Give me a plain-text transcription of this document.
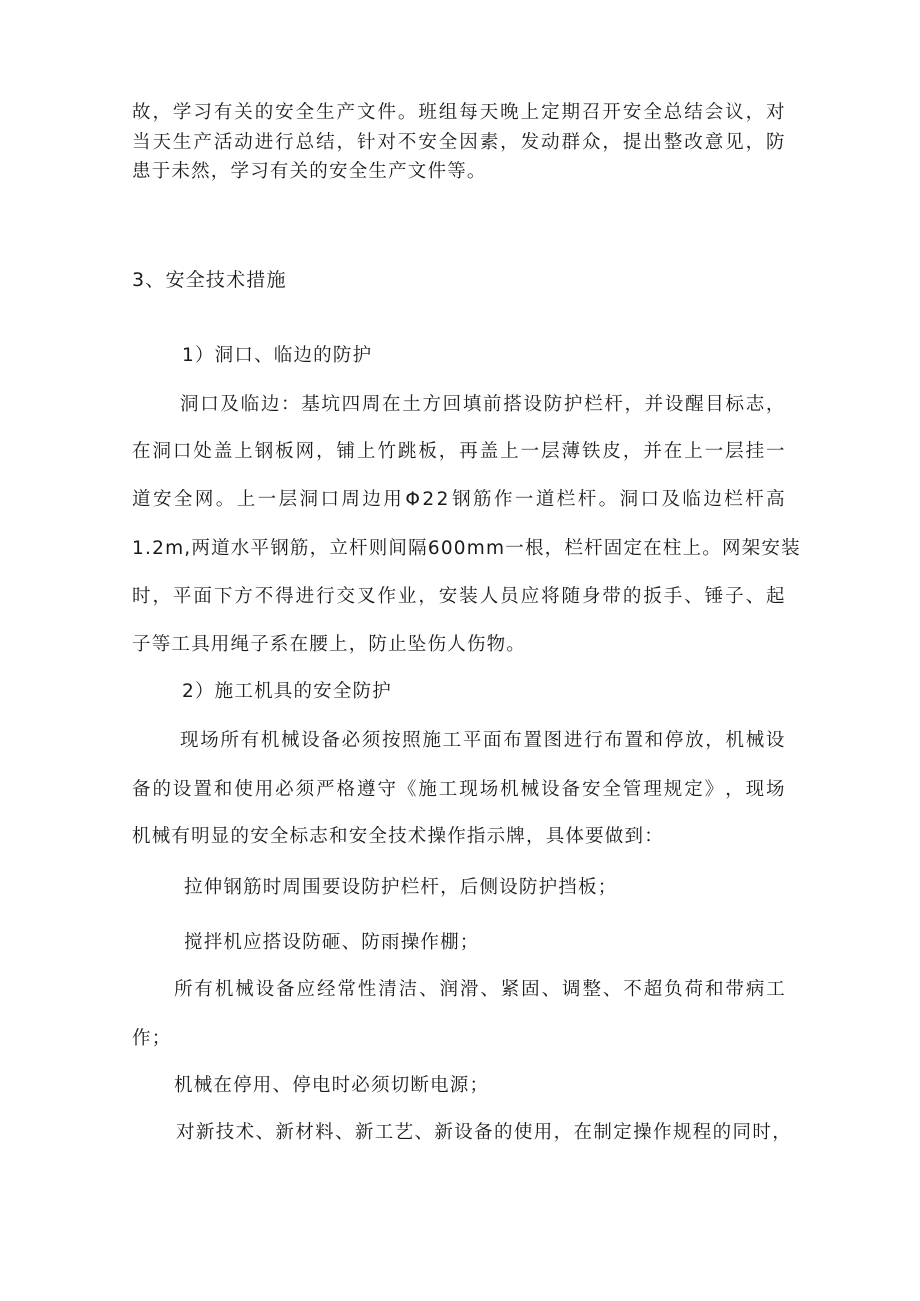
故 ， 学 习 有 关 的 安 全 生 产 文 件 。 班 组 每 天 晚 上 定 期 召 开 安 全 总 结 会 议 ， 对
当 天 生 产 活 动 进 行 总 结 ， 针 对 不 安 全 因 素 ， 发 动 群 众 ， 提 出 整 改 意 见 ， 防
患于未然，学习有关的安全生产文件等。
3、安全技术措施
1）洞口、临边的防护
洞 口 及 临 边 ： 基 坑 四 周 在 土 方 回 填 前 搭 设 防 护 栏 杆 ， 并 设 醒 目 标 志 ，
在 洞 口 处 盖 上 钢 板 网 ， 铺 上 竹 跳 板 ， 再 盖 上 一 层 薄 铁 皮 ， 并 在 上 一 层 挂 一
道 安 全 网 。 上 一 层 洞 口 周 边 用 Φ 2 2 钢 筋 作 一 道 栏 杆 。 洞 口 及 临 边 栏 杆 高
1 . 2 m , 两 道 水 平 钢 筋 ， 立 杆 则 间 隔 6 0 0 m m 一 根 ， 栏 杆 固 定 在 柱 上 。 网 架 安 装
时 ， 平 面 下 方 不 得 进 行 交 叉 作 业 ， 安 装 人 员 应 将 随 身 带 的 扳 手 、 锤 子 、 起
子等工具用绳子系在腰上，防止坠伤人伤物。
2）施工机具的安全防护
现 场 所 有 机 械 设 备 必 须 按 照 施 工 平 面 布 置 图 进 行 布 置 和 停 放 ， 机 械 设
备 的 设 置 和 使 用 必 须 严 格 遵 守 《 施 工 现 场 机 械 设 备 安 全 管 理 规 定 》 ， 现 场
机械有明显的安全标志和安全技术操作指示牌，具体要做到：
拉伸钢筋时周围要设防护栏杆，后侧设防护挡板；
搅拌机应搭设防砸、防雨操作棚；
所 有 机 械 设 备 应 经 常 性 清 洁 、 润 滑 、 紧 固 、 调 整 、 不 超 负 荷 和 带 病 工
作；
机械在停用、停电时必须切断电源；
对 新 技 术 、 新 材 料 、 新 工 艺 、 新 设 备 的 使 用 ， 在 制 定 操 作 规 程 的 同 时 ，
